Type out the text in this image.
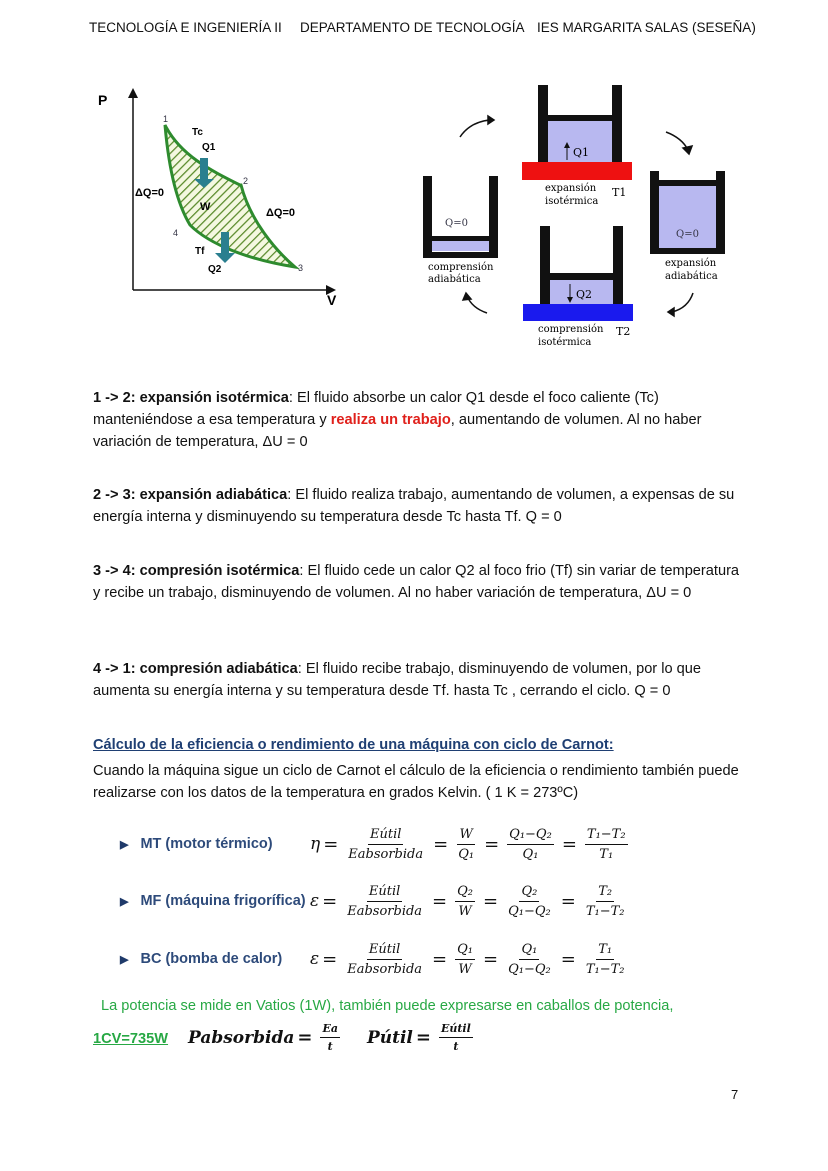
TECNOLOGÍA E INGENIERÍA II DEPARTAMENTO DE TECNOLOGÍA IES MARGARITA SALAS (SESEÑA)
P
V
1
2
3
4
Tc
Q1
W
Tf
Q2
ΔQ=0
ΔQ=0
Q1
expansión
isotérmica
T1
Q=0
expansión
adiabática
Q2
comprensión
isotérmica
T2
Q=0
comprensión
adiabática
1 -> 2: expansión isotérmica: El fluido absorbe un calor Q1 desde el foco caliente (Tc) manteniéndose a esa temperatura y realiza un trabajo, aumentando de volumen. Al no haber variación de temperatura, ΔU = 0
2 -> 3: expansión adiabática: El fluido realiza trabajo, aumentando de volumen, a expensas de su energía interna y disminuyendo su temperatura desde Tc hasta Tf. Q = 0
3 -> 4: compresión isotérmica: El fluido cede un calor Q2 al foco frio (Tf) sin variar de temperatura y recibe un trabajo, disminuyendo de volumen. Al no haber variación de temperatura, ΔU = 0
4 -> 1: compresión adiabática: El fluido recibe trabajo, disminuyendo de volumen, por lo que aumenta su energía interna y su temperatura desde Tf. hasta Tc , cerrando el ciclo. Q = 0
Cálculo de la eficiencia o rendimiento de una máquina con ciclo de Carnot:
Cuando la máquina sigue un ciclo de Carnot el cálculo de la eficiencia o rendimiento también puede realizarse con los datos de la temperatura en grados Kelvin. ( 1 K = 273ºC)
▶ MT (motor térmico) $\eta = \frac{\text{Eútil}}{\text{Eabsorbida}} = \frac{W}{\text{Q₁}} = \frac{\text{Q₁−Q₂}}{\text{Q₁}} = \frac{\text{T₁−T₂}}{\text{T₁}}$
▶ MF (máquina frigorífica) $\varepsilon = \frac{\text{Eútil}}{\text{Eabsorbida}} = \frac{\text{Q₂}}{W} = \frac{\text{Q₂}}{\text{Q₁−Q₂}} = \frac{\text{T₂}}{\text{T₁−T₂}}$
▶ BC (bomba de calor) $\varepsilon = \frac{\text{Eútil}}{\text{Eabsorbida}} = \frac{\text{Q₁}}{W} = \frac{\text{Q₁}}{\text{Q₁−Q₂}} = \frac{\text{T₁}}{\text{T₁−T₂}}$
La potencia se mide en Vatios (1W), también puede expresarse en caballos de potencia,
1CV=735W Pabsorbida = $\frac{Ea}{t}$ Pútil = $\frac{\text{Eútil}}{t}$
7
